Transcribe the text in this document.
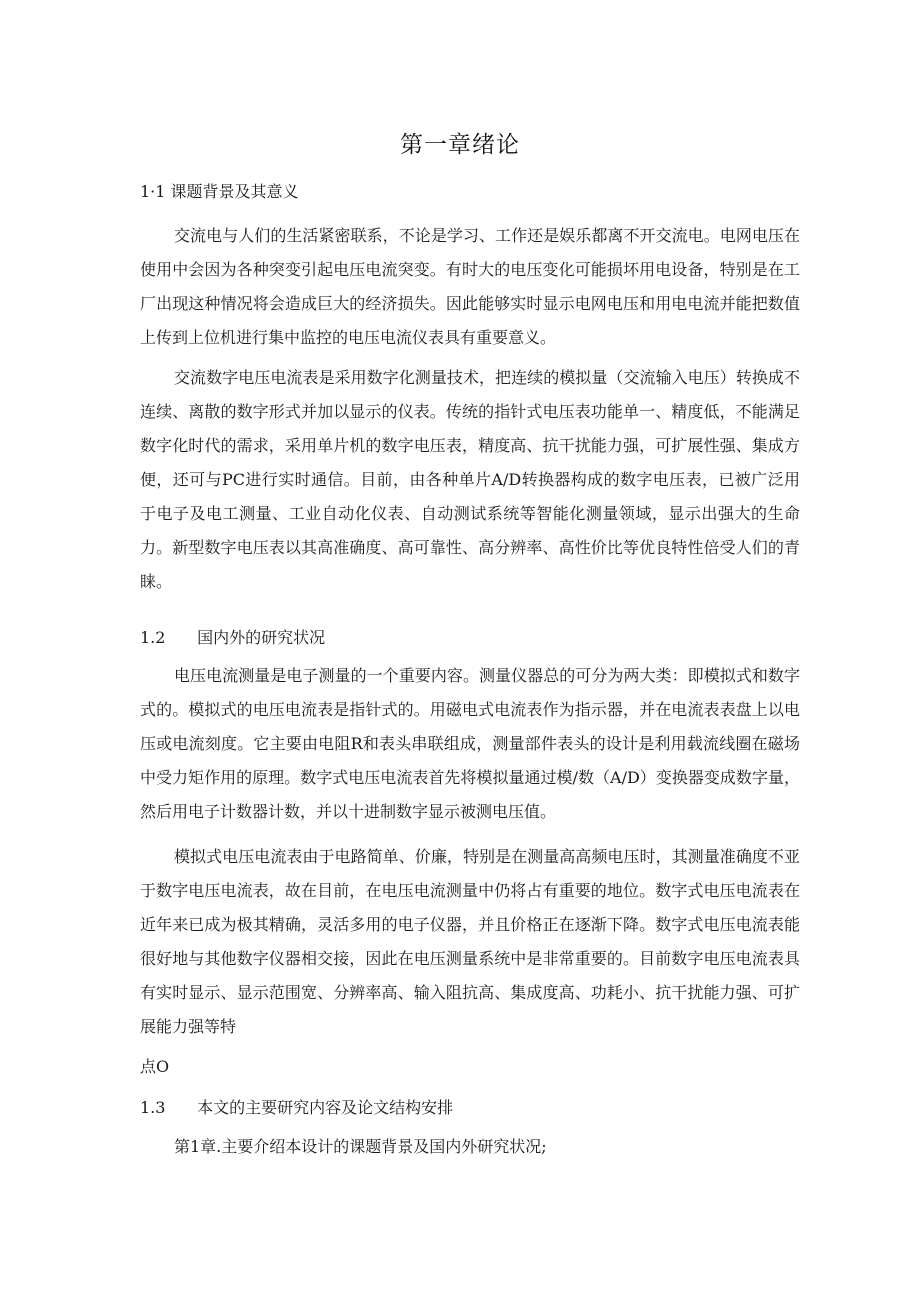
第一章绪论
1·1 课题背景及其意义

交流电与人们的生活紧密联系，不论是学习、工作还是娱乐都离不开交流电。电网电压在使用中会因为各种突变引起电压电流突变。有时大的电压变化可能损坏用电设备，特别是在工厂出现这种情况将会造成巨大的经济损失。因此能够实时显示电网电压和用电电流并能把数值上传到上位机进行集中监控的电压电流仪表具有重要意义。

交流数字电压电流表是采用数字化测量技术，把连续的模拟量（交流输入电压）转换成不连续、离散的数字形式并加以显示的仪表。传统的指针式电压表功能单一、精度低，不能满足数字化时代的需求，采用单片机的数字电压表，精度高、抗干扰能力强，可扩展性强、集成方便，还可与PC进行实时通信。目前，由各种单片A/D转换器构成的数字电压表，已被广泛用于电子及电工测量、工业自动化仪表、自动测试系统等智能化测量领域，显示出强大的生命力。新型数字电压表以其高准确度、高可靠性、高分辨率、高性价比等优良特性倍受人们的青睐。

1.2 国内外的研究状况

电压电流测量是电子测量的一个重要内容。测量仪器总的可分为两大类：即模拟式和数字式的。模拟式的电压电流表是指针式的。用磁电式电流表作为指示器，并在电流表表盘上以电压或电流刻度。它主要由电阻R和表头串联组成，测量部件表头的设计是利用载流线圈在磁场中受力矩作用的原理。数字式电压电流表首先将模拟量通过模/数（A/D）变换器变成数字量，然后用电子计数器计数，并以十进制数字显示被测电压值。

模拟式电压电流表由于电路简单、价廉，特别是在测量高高频电压时，其测量准确度不亚于数字电压电流表，故在目前，在电压电流测量中仍将占有重要的地位。数字式电压电流表在近年来已成为极其精确，灵活多用的电子仪器，并且价格正在逐渐下降。数字式电压电流表能很好地与其他数字仪器相交接，因此在电压测量系统中是非常重要的。目前数字电压电流表具有实时显示、显示范围宽、分辨率高、输入阻抗高、集成度高、功耗小、抗干扰能力强、可扩展能力强等特

点O
1.3 本文的主要研究内容及论文结构安排

第1章.主要介绍本设计的课题背景及国内外研究状况;
